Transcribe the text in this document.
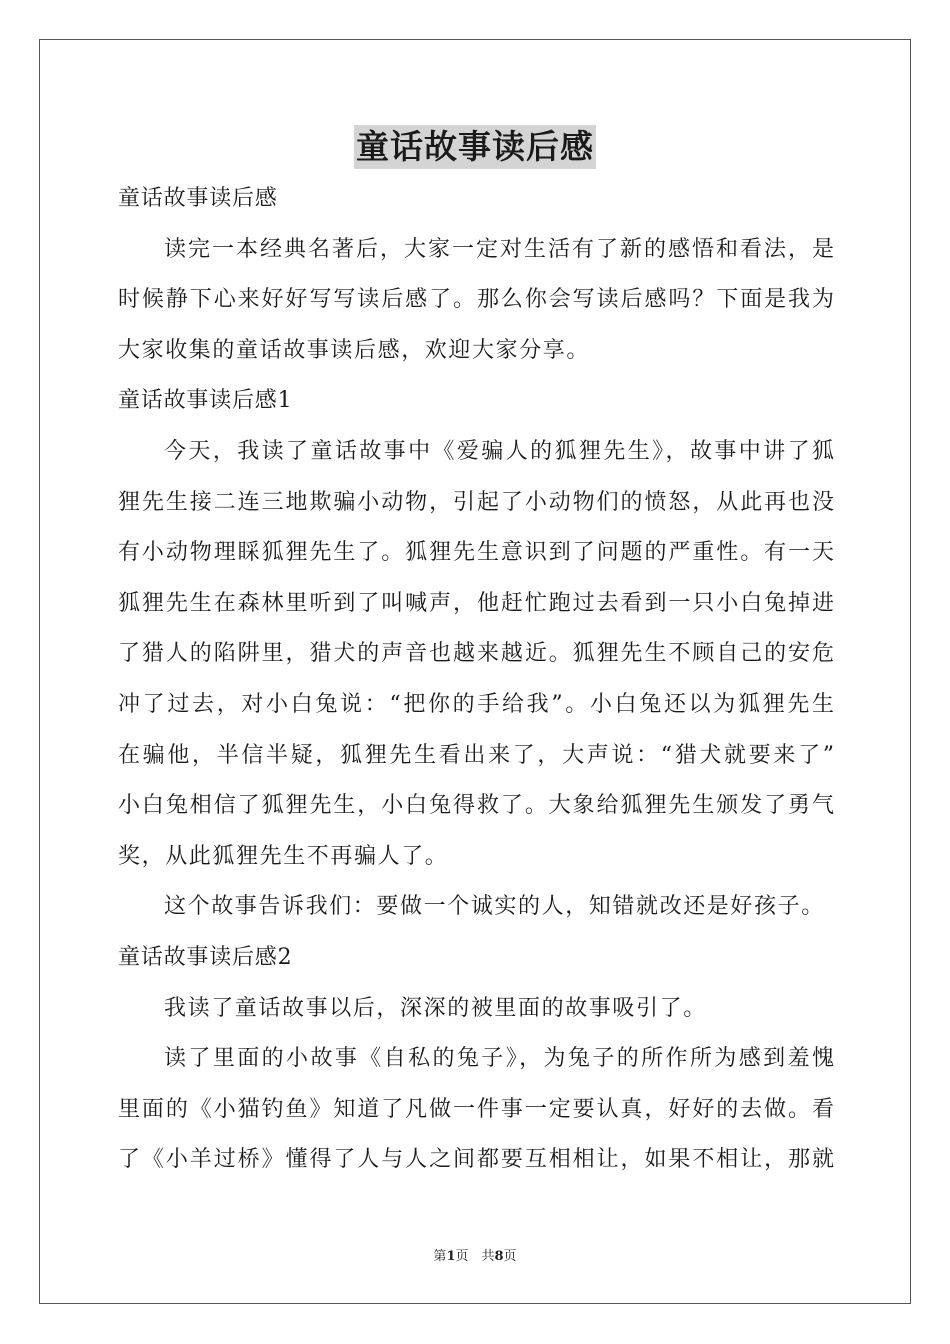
童话故事读后感
童话故事读后感
读完一本经典名著后，大家一定对生活有了新的感悟和看法，是
时候静下心来好好写写读后感了。那么你会写读后感吗？下面是我为
大家收集的童话故事读后感，欢迎大家分享。
童话故事读后感1
今天，我读了童话故事中《爱骗人的狐狸先生》，故事中讲了狐
狸先生接二连三地欺骗小动物，引起了小动物们的愤怒，从此再也没
有小动物理睬狐狸先生了。狐狸先生意识到了问题的严重性。有一天
狐狸先生在森林里听到了叫喊声，他赶忙跑过去看到一只小白兔掉进
了猎人的陷阱里，猎犬的声音也越来越近。狐狸先生不顾自己的安危
冲了过去，对小白兔说：“把你的手给我”。小白兔还以为狐狸先生
在骗他，半信半疑，狐狸先生看出来了，大声说：“猎犬就要来了”
小白兔相信了狐狸先生，小白兔得救了。大象给狐狸先生颁发了勇气
奖，从此狐狸先生不再骗人了。
这个故事告诉我们：要做一个诚实的人，知错就改还是好孩子。
童话故事读后感2
我读了童话故事以后，深深的被里面的故事吸引了。
读了里面的小故事《自私的兔子》，为兔子的所作所为感到羞愧
里面的《小猫钓鱼》知道了凡做一件事一定要认真，好好的去做。看
了《小羊过桥》懂得了人与人之间都要互相相让，如果不相让，那就
第1页　共8页
